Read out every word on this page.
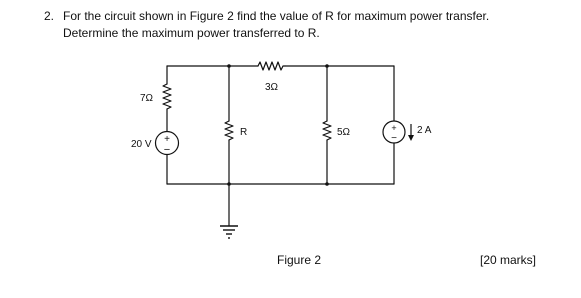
2. For the circuit shown in Figure 2 find the value of R for maximum power transfer.
Determine the maximum power transferred to R.
+
−
+
−
7Ω
3Ω
R	5Ω
20 V
2 A
Figure 2	[20 marks]
